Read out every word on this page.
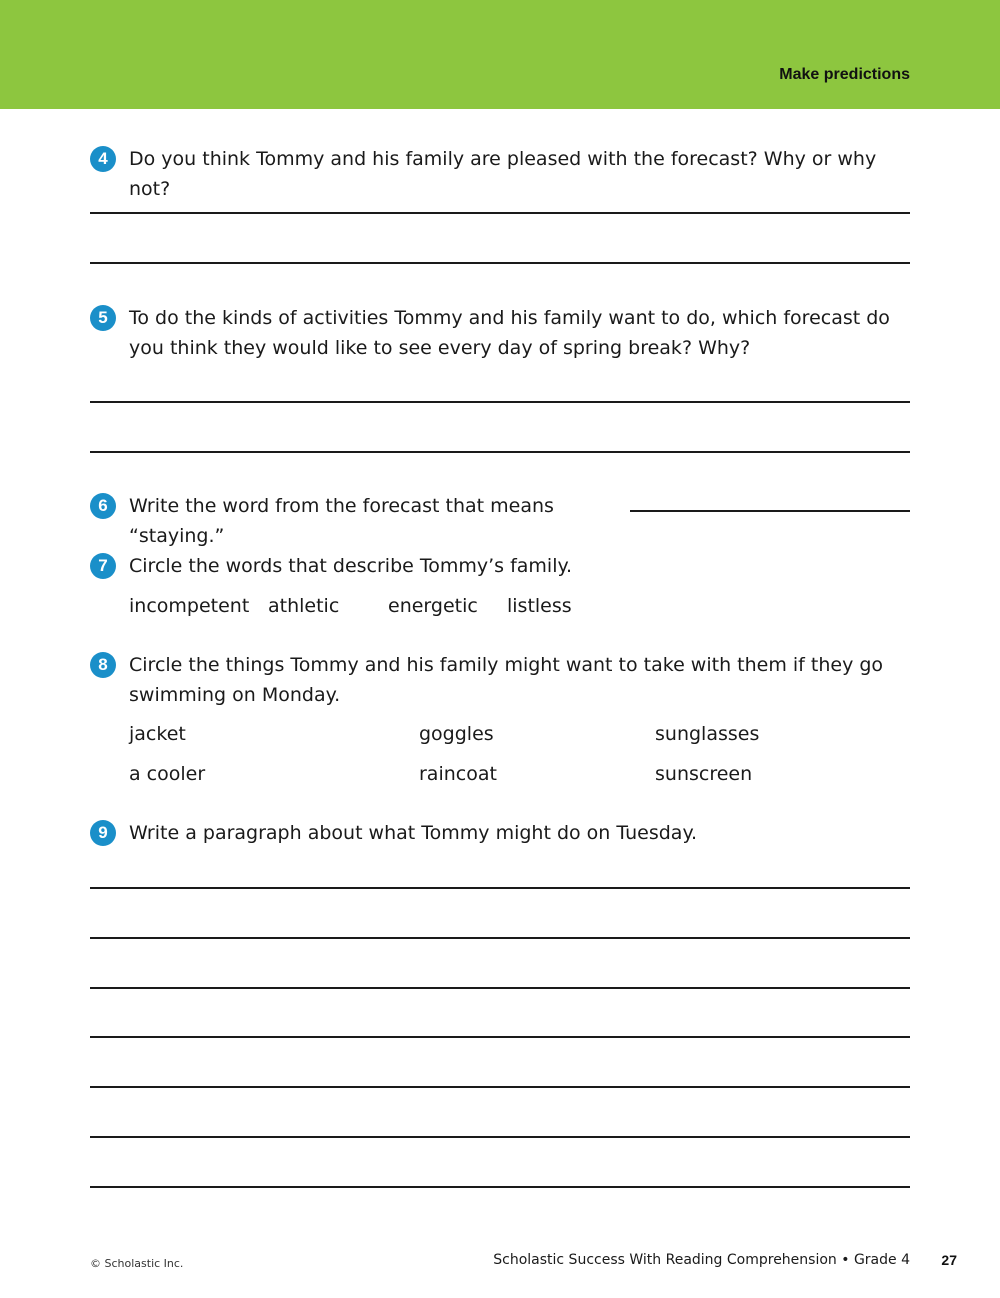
Make predictions
4	Do you think Tommy and his family are pleased with the forecast? Why or why not?
5	To do the kinds of activities Tommy and his family want to do, which forecast do you think they would like to see every day of spring break? Why?
6	Write the word from the forecast that means “staying.”
7	Circle the words that describe Tommy’s family.
incompetent athletic	energetic listless
8	Circle the things Tommy and his family might want to take with them if they go swimming on Monday.
jacket	goggles	sunglasses
a cooler	raincoat	sunscreen
9	Write a paragraph about what Tommy might do on Tuesday.
© Scholastic Inc.	Scholastic Success With Reading Comprehension • Grade 4 27
